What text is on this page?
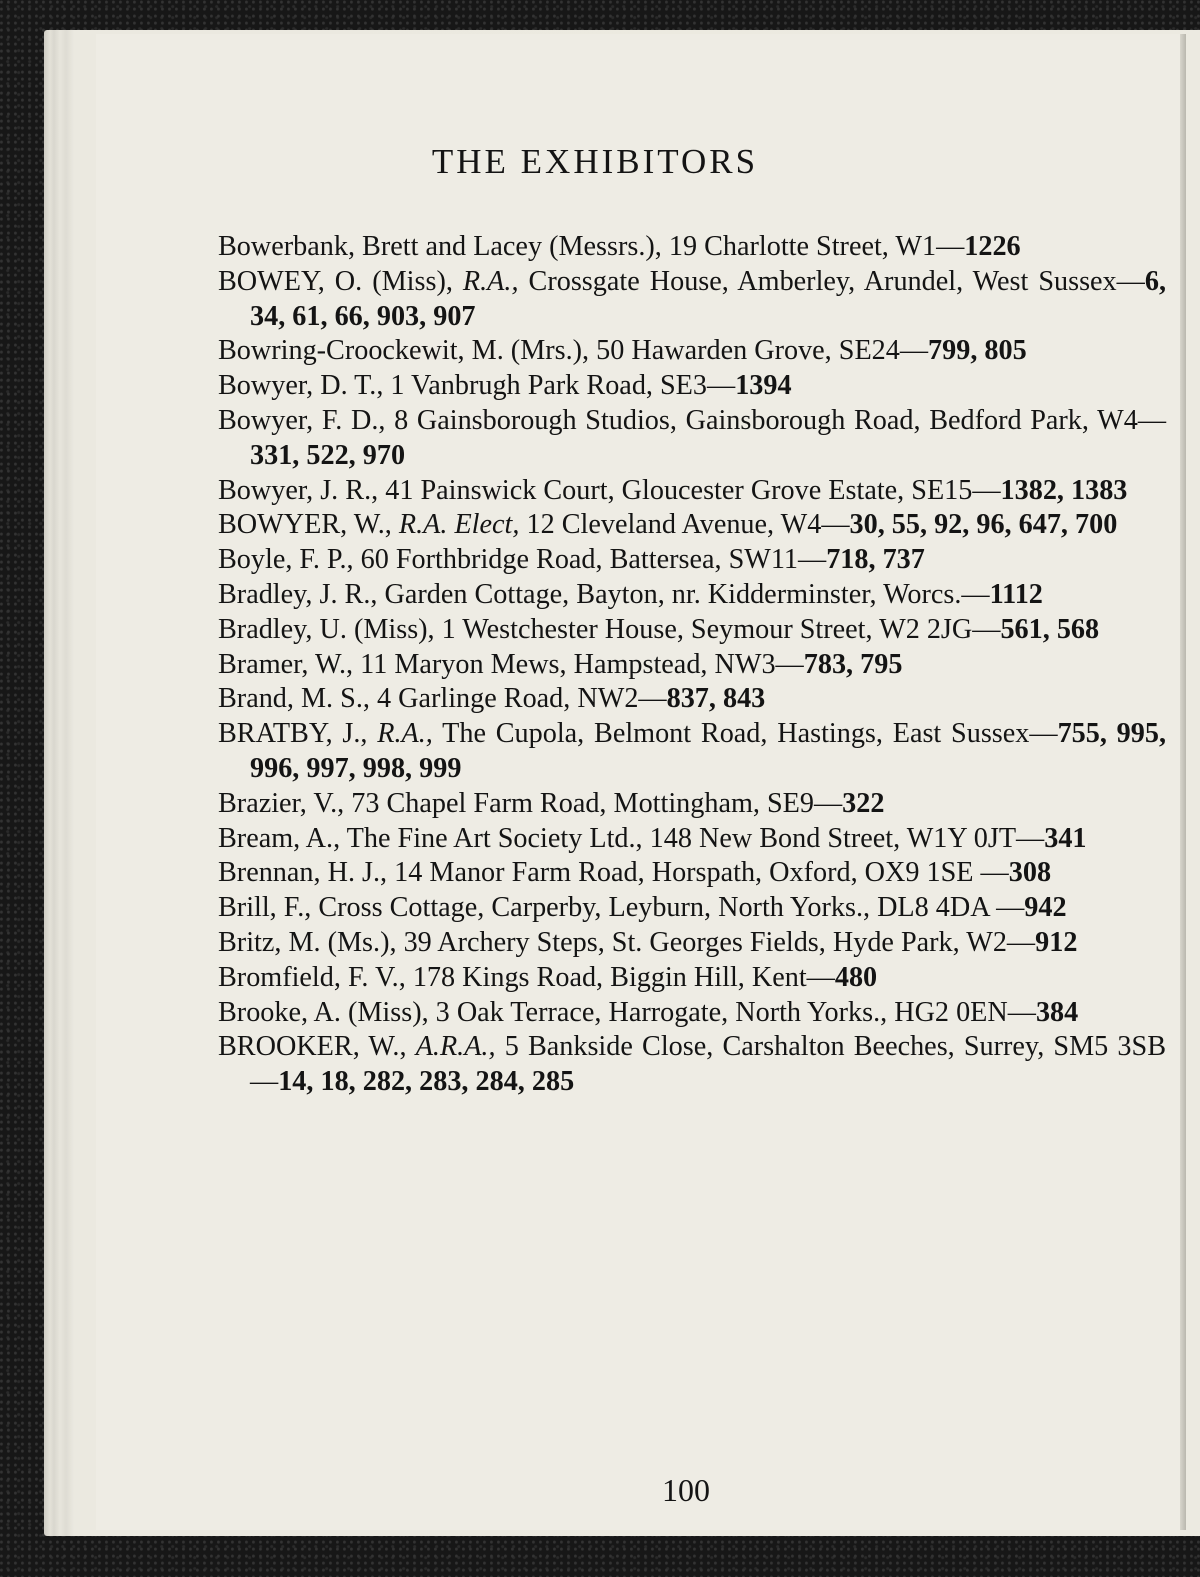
THE EXHIBITORS

Bowerbank, Brett and Lacey (Messrs.), 19 Charlotte Street, W1—1226

BOWEY, O. (Miss), R.A., Crossgate House, Amberley, Arundel, West Sussex—6, 34, 61, 66, 903, 907

Bowring-Croockewit, M. (Mrs.), 50 Hawarden Grove, SE24—799, 805

Bowyer, D. T., 1 Vanbrugh Park Road, SE3—1394

Bowyer, F. D., 8 Gainsborough Studios, Gainsborough Road, Bedford Park, W4—331, 522, 970

Bowyer, J. R., 41 Painswick Court, Gloucester Grove Estate, SE15—1382, 1383

BOWYER, W., R.A. Elect, 12 Cleveland Avenue, W4—30, 55, 92, 96, 647, 700

Boyle, F. P., 60 Forthbridge Road, Battersea, SW11—718, 737

Bradley, J. R., Garden Cottage, Bayton, nr. Kidderminster, Worcs.—1112

Bradley, U. (Miss), 1 Westchester House, Seymour Street, W2 2JG—561, 568

Bramer, W., 11 Maryon Mews, Hampstead, NW3—783, 795

Brand, M. S., 4 Garlinge Road, NW2—837, 843

BRATBY, J., R.A., The Cupola, Belmont Road, Hastings, East Sussex—755, 995, 996, 997, 998, 999

Brazier, V., 73 Chapel Farm Road, Mottingham, SE9—322

Bream, A., The Fine Art Society Ltd., 148 New Bond Street, W1Y 0JT—341

Brennan, H. J., 14 Manor Farm Road, Horspath, Oxford, OX9 1SE —308

Brill, F., Cross Cottage, Carperby, Leyburn, North Yorks., DL8 4DA —942

Britz, M. (Ms.), 39 Archery Steps, St. Georges Fields, Hyde Park, W2—912

Bromfield, F. V., 178 Kings Road, Biggin Hill, Kent—480

Brooke, A. (Miss), 3 Oak Terrace, Harrogate, North Yorks., HG2 0EN—384

BROOKER, W., A.R.A., 5 Bankside Close, Carshalton Beeches, Surrey, SM5 3SB—14, 18, 282, 283, 284, 285

100
